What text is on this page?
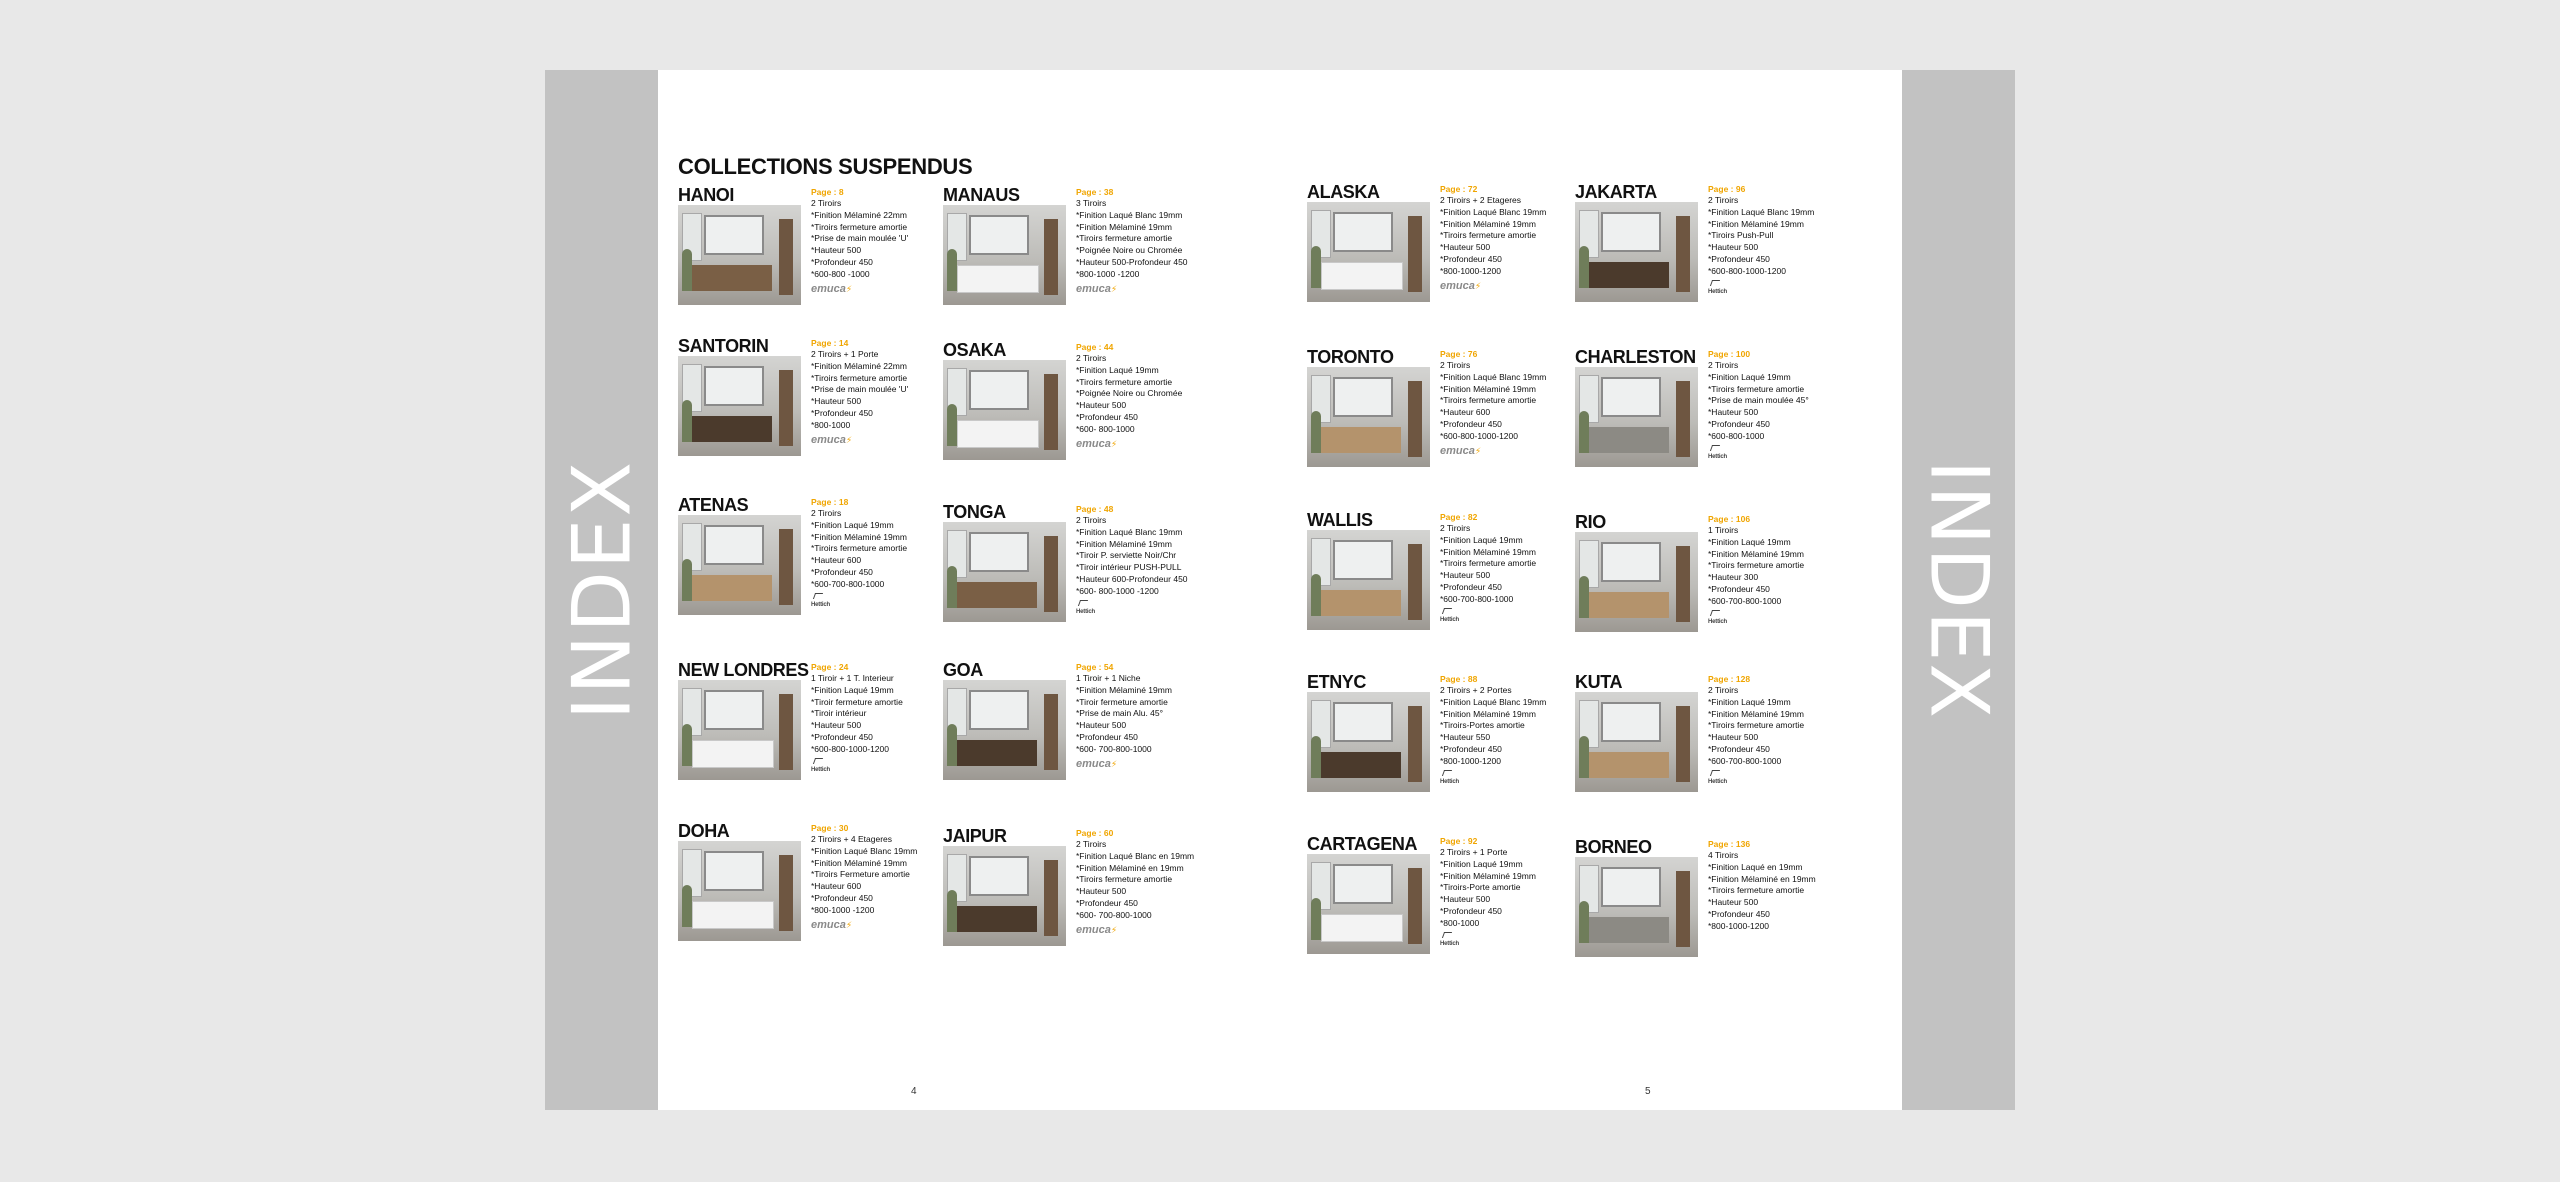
INDEX	INDEX
COLLECTIONS SUSPENDUS
HANOI	Page : 8
2 Tiroirs
*Finition Mélaminé 22mm
*Tiroirs fermeture amortie
*Prise de main moulée 'U'
*Hauteur 500
*Profondeur 450
*600-800 -1000
emuca⚡
MANAUS	Page : 38
3 Tiroirs
*Finition Laqué Blanc 19mm
*Finition Mélaminé 19mm
*Tiroirs fermeture amortie
*Poignée Noire ou Chromée
*Hauteur 500-Profondeur 450
*800-1000 -1200
emuca⚡
SANTORIN	Page : 14
2 Tiroirs + 1 Porte
*Finition Mélaminé 22mm
*Tiroirs fermeture amortie
*Prise de main moulée 'U'
*Hauteur 500
*Profondeur 450
*800-1000
emuca⚡
OSAKA	Page : 44
2 Tiroirs
*Finition Laqué 19mm
*Tiroirs fermeture amortie
*Poignée Noire ou Chromée
*Hauteur 500
*Profondeur 450
*600- 800-1000
emuca⚡
ATENAS	Page : 18
2 Tiroirs
*Finition Laqué 19mm
*Finition Mélaminé 19mm
*Tiroirs fermeture amortie
*Hauteur 600
*Profondeur 450
*600-700-800-1000
Hettich
TONGA	Page : 48
2 Tiroirs
*Finition Laqué Blanc 19mm
*Finition Mélaminé 19mm
*Tiroir P. serviette Noir/Chr
*Tiroir intérieur PUSH-PULL
*Hauteur 600-Profondeur 450
*600- 800-1000 -1200
Hettich
NEW LONDRES Page : 24
1 Tiroir + 1 T. Interieur
*Finition Laqué 19mm
*Tiroir fermeture amortie
*Tiroir intérieur
*Hauteur 500
*Profondeur 450
*600-800-1000-1200
Hettich
GOA	Page : 54
1 Tiroir + 1 Niche
*Finition Mélaminé 19mm
*Tiroir fermeture amortie
*Prise de main Alu. 45°
*Hauteur 500
*Profondeur 450
*600- 700-800-1000
emuca⚡
DOHA	Page : 30
2 Tiroirs + 4 Etageres
*Finition Laqué Blanc 19mm
*Finition Mélaminé 19mm
*Tiroirs Fermeture amortie
*Hauteur 600
*Profondeur 450
*800-1000 -1200
emuca⚡
JAIPUR	Page : 60
2 Tiroirs
*Finition Laqué Blanc en 19mm
*Finition Mélaminé en 19mm
*Tiroirs fermeture amortie
*Hauteur 500
*Profondeur 450
*600- 700-800-1000
emuca⚡
ALASKA	Page : 72
2 Tiroirs + 2 Etageres
*Finition Laqué Blanc 19mm
*Finition Mélaminé 19mm
*Tiroirs fermeture amortie
*Hauteur 500
*Profondeur 450
*800-1000-1200
emuca⚡
JAKARTA	Page : 96
2 Tiroirs
*Finition Laqué Blanc 19mm
*Finition Mélaminé 19mm
*Tiroirs Push-Pull
*Hauteur 500
*Profondeur 450
*600-800-1000-1200
Hettich
TORONTO	Page : 76
2 Tiroirs
*Finition Laqué Blanc 19mm
*Finition Mélaminé 19mm
*Tiroirs fermeture amortie
*Hauteur 600
*Profondeur 450
*600-800-1000-1200
emuca⚡
CHARLESTON Page : 100
2 Tiroirs
*Finition Laqué 19mm
*Tiroirs fermeture amortie
*Prise de main moulée 45°
*Hauteur 500
*Profondeur 450
*600-800-1000
Hettich
WALLIS	Page : 82
2 Tiroirs
*Finition Laqué 19mm
*Finition Mélaminé 19mm
*Tiroirs fermeture amortie
*Hauteur 500
*Profondeur 450
*600-700-800-1000
Hettich
RIO	Page : 106
1 Tiroirs
*Finition Laqué 19mm
*Finition Mélaminé 19mm
*Tiroirs fermeture amortie
*Hauteur 300
*Profondeur 450
*600-700-800-1000
Hettich
ETNYC	Page : 88
2 Tiroirs + 2 Portes
*Finition Laqué Blanc 19mm
*Finition Mélaminé 19mm
*Tiroirs-Portes amortie
*Hauteur 550
*Profondeur 450
*800-1000-1200
Hettich
KUTA	Page : 128
2 Tiroirs
*Finition Laqué 19mm
*Finition Mélaminé 19mm
*Tiroirs fermeture amortie
*Hauteur 500
*Profondeur 450
*600-700-800-1000
Hettich
CARTAGENA	Page : 92
2 Tiroirs + 1 Porte
*Finition Laqué 19mm
*Finition Mélaminé 19mm
*Tiroirs-Porte amortie
*Hauteur 500
*Profondeur 450
*800-1000
Hettich
BORNEO	Page : 136
4 Tiroirs
*Finition Laqué en 19mm
*Finition Mélaminé en 19mm
*Tiroirs fermeture amortie
*Hauteur 500
*Profondeur 450
*800-1000-1200
4	5
